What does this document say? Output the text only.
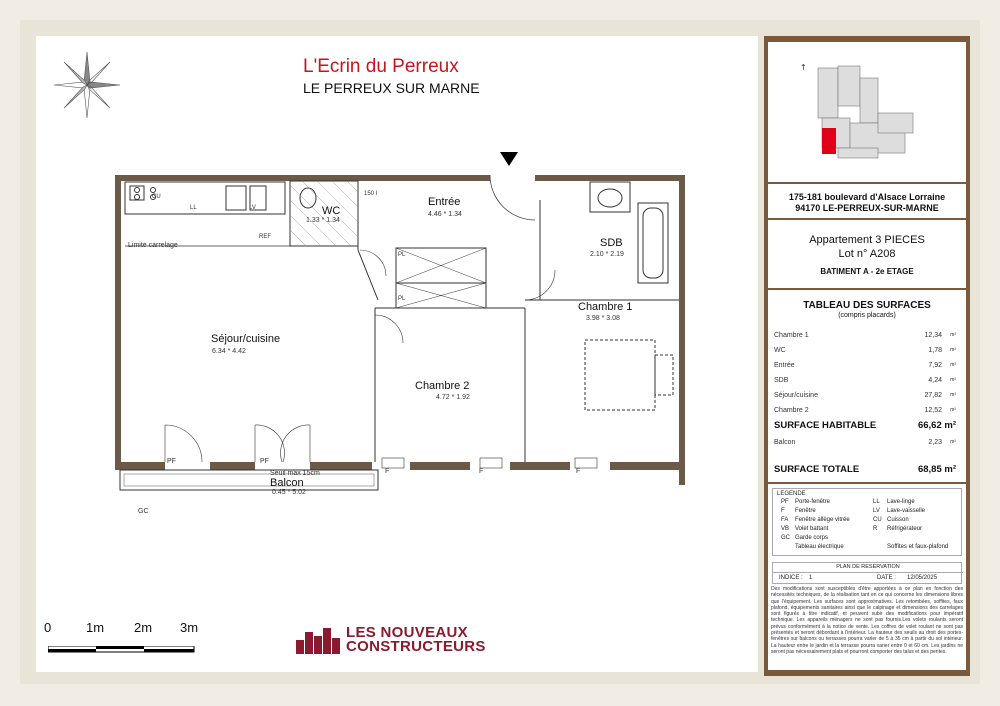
L'Ecrin du Perreux
LE PERREUX SUR MARNE
Entrée
4.46 * 1.34
WC
1.33 * 1.34
SDB
2.10 * 2.19
Chambre 1
3.98 * 3.08
Séjour/cuisine
6.34 * 4.42
Chambre 2
4.72 * 1.92
Balcon
0.45 * 5.02
Limite carrelage
Seuil max 15cm
GC
CU
LL	LV
REF
150 l
PL
PL
PF	PF
F	F	F
0	1m 2m 3m	LES NOUVEAUX
CONSTRUCTEURS
↑
175-181 boulevard d'Alsace Lorraine
94170 LE-PERREUX-SUR-MARNE
Appartement 3 PIECES
Lot n° A208
BATIMENT A - 2e ETAGE
TABLEAU DES SURFACES
(compris placards)
Chambre 1	12,34 m²
WC	1,78 m²
Entrée	7,92 m²
SDB	4,24 m²
Séjour/cuisine	27,82 m²
Chambre 2	12,52 m²
SURFACE HABITABLE	66,62 m²
Balcon	2,23 m²
SURFACE TOTALE	68,85 m²
LEGENDE
PF Porte-fenêtre
F Fenêtre
FA Fenêtre allège vitrée
VB Volet battant
GC Garde corps
Tableau électrique
LL Lave-linge
LV Lave-vaisselle
CU Cuisson
R Réfrigérateur
Soffites et faux-plafond
PLAN DE RESERVATION
INDICE : 1	DATE : 12/05/2025
Des modifications sont susceptibles d'être apportées à ce plan en fonction des nécessités techniques, de la réalisation tant en ce qui concerne les dimensions libres que l'équipement. Les surfaces sont approximatives. Les retombées, soffites, faux plafond, équipements sanitaires ainsi que le calpinage et dimensions des carrelages sont figurés à titre indicatif, et peuvent subir des modifications pour impératif technique. Les appareils ménagers ne sont pas fournis.Les volets roulants seront prévus conformément à la notice de vente. Les coffres de volet roulant ne sont pas présentés et seront débordant à l'intérieur. La hauteur des seuils au droit des portes-fenêtres sur balcons ou terrasses pourra varier de 5 à 35 cm à partir du sol intérieur. La hauteur entre le jardin et la terrasse pourra varier entre 0 et 60 cm. Les jardins ne seront pas nécessairement plats et pourront comporter des talus et des pentes.
